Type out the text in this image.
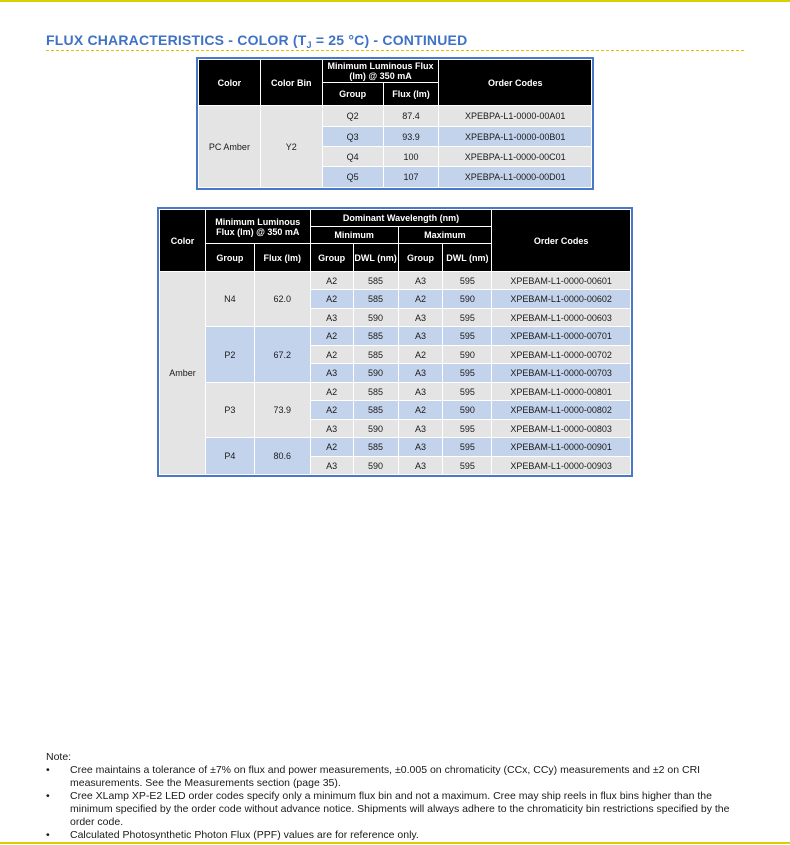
FLUX CHARACTERISTICS - COLOR ($T_J = 25$ °C) - CONTINUED
Color	Color Bin	Minimum Luminous Flux (lm) @ 350 mA		Order Codes
		Group	Flux (lm)	
PC Amber	Y2	Q2	87.4	XPEBPA-L1-0000-00A01
		Q3	93.9	XPEBPA-L1-0000-00B01
		Q4	100	XPEBPA-L1-0000-00C01
		Q5	107	XPEBPA-L1-0000-00D01
Color	Minimum Luminous Flux (lm) @ 350 mA		Dominant Wavelength (nm)				Order Codes
			Minimum		Maximum		
	Group	Flux (lm)	Group	DWL (nm)	Group	DWL (nm)	
Amber	N4	62.0	A2	585	A3	595	XPEBAM-L1-0000-00601
			A2	585	A2	590	XPEBAM-L1-0000-00602
			A3	590	A3	595	XPEBAM-L1-0000-00603
	P2	67.2	A2	585	A3	595	XPEBAM-L1-0000-00701
			A2	585	A2	590	XPEBAM-L1-0000-00702
			A3	590	A3	595	XPEBAM-L1-0000-00703
	P3	73.9	A2	585	A3	595	XPEBAM-L1-0000-00801
			A2	585	A2	590	XPEBAM-L1-0000-00802
			A3	590	A3	595	XPEBAM-L1-0000-00803
	P4	80.6	A2	585	A3	595	XPEBAM-L1-0000-00901
			A3	590	A3	595	XPEBAM-L1-0000-00903
Note:
• Cree maintains a tolerance of ±7% on flux and power measurements, ±0.005 on chromaticity (CCx, CCy) measurements and ±2 on CRI measurements. See the Measurements section (page 35).
• Cree XLamp XP-E2 LED order codes specify only a minimum flux bin and not a maximum. Cree may ship reels in flux bins higher than the minimum specified by the order code without advance notice. Shipments will always adhere to the chromaticity bin restrictions specified by the order code.
• Calculated Photosynthetic Photon Flux (PPF) values are for reference only.
